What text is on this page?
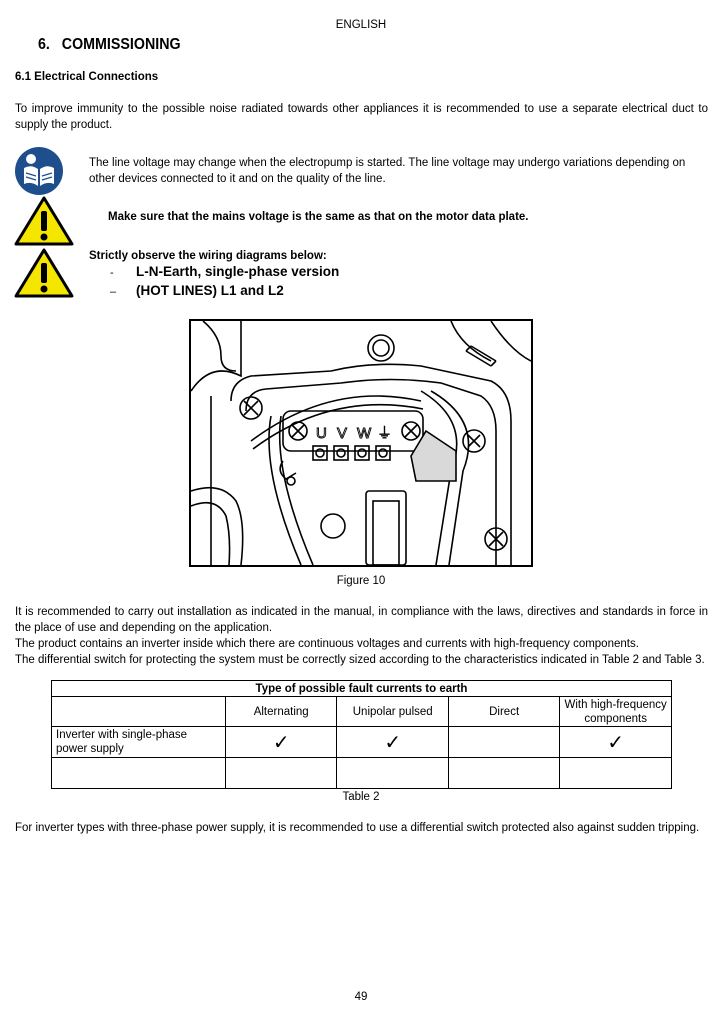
ENGLISH
6.   COMMISSIONING
6.1 Electrical Connections
To improve immunity to the possible noise radiated towards other appliances it is recommended to use a separate electrical duct to supply the product.
The line voltage may change when the electropump is started. The line voltage may undergo variations depending on other devices connected to it and on the quality of the line.
Make sure that the mains voltage is the same as that on the motor data plate.
Strictly observe the wiring diagrams below:
- L-N-Earth, single-phase version
– (HOT LINES) L1 and L2
U V W ⏚
Figure 10
It is recommended to carry out installation as indicated in the manual, in compliance with the laws, directives and standards in force in the place of use and depending on the application.
The product contains an inverter inside which there are continuous voltages and currents with high-frequency components.
The differential switch for protecting the system must be correctly sized according to the characteristics indicated in Table 2 and Table 3.
Type of possible fault currents to earth				
	Alternating	Unipolar pulsed	Direct	With high-frequency components
Inverter with single-phase power supply	✓	✓		✓

Table 2
For inverter types with three-phase power supply, it is recommended to use a differential switch protected also against sudden tripping.
49
